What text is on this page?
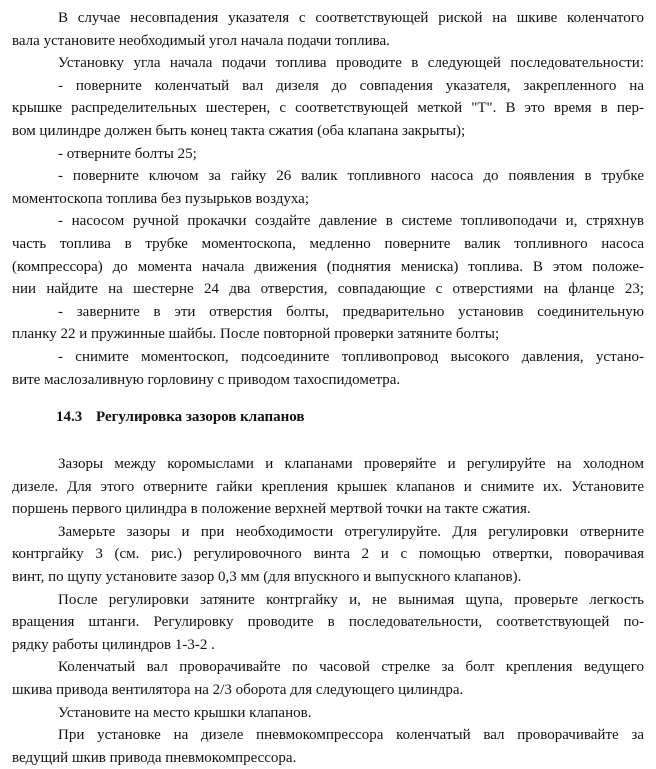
В случае несовпадения указателя с соответствующей риской на шкиве коленчатого
вала установите необходимый угол начала подачи топлива.
Установку угла начала подачи топлива проводите в следующей последовательности:
- поверните коленчатый вал дизеля до совпадения указателя, закрепленного на
крышке распределительных шестерен, с соответствующей меткой "Т". В это время в пер-
вом цилиндре должен быть конец такта сжатия (оба клапана закрыты);
- отверните болты 25;
- поверните ключом за гайку 26 валик топливного насоса до появления в трубке
моментоскопа топлива без пузырьков воздуха;
- насосом ручной прокачки создайте давление в системе топливоподачи и, стряхнув
часть топлива в трубке моментоскопа, медленно поверните валик топливного насоса
(компрессора) до момента начала движения (поднятия мениска) топлива. В этом положе-
нии найдите на шестерне 24 два отверстия, совпадающие с отверстиями на фланце 23;
- заверните в эти отверстия болты, предварительно установив соединительную
планку 22 и пружинные шайбы. После повторной проверки затяните болты;
- снимите моментоскоп, подсоедините топливопровод высокого давления, устано-
вите маслозаливную горловину с приводом тахоспидометра.
14.3 Регулировка зазоров клапанов
Зазоры между коромыслами и клапанами проверяйте и регулируйте на холодном
дизеле. Для этого отверните гайки крепления крышек клапанов и снимите их. Установите
поршень первого цилиндра в положение верхней мертвой точки на такте сжатия.
Замерьте зазоры и при необходимости отрегулируйте. Для регулировки отверните
контргайку 3 (см. рис.) регулировочного винта 2 и с помощью отвертки, поворачивая
винт, по щупу установите зазор 0,3 мм (для впускного и выпускного клапанов).
После регулировки затяните контргайку и, не вынимая щупа, проверьте легкость
вращения штанги. Регулировку проводите в последовательности, соответствующей по-
рядку работы цилиндров 1-3-2 .
Коленчатый вал проворачивайте по часовой стрелке за болт крепления ведущего
шкива привода вентилятора на 2/3 оборота для следующего цилиндра.
Установите на место крышки клапанов.
При установке на дизеле пневмокомпрессора коленчатый вал проворачивайте за
ведущий шкив привода пневмокомпрессора.
